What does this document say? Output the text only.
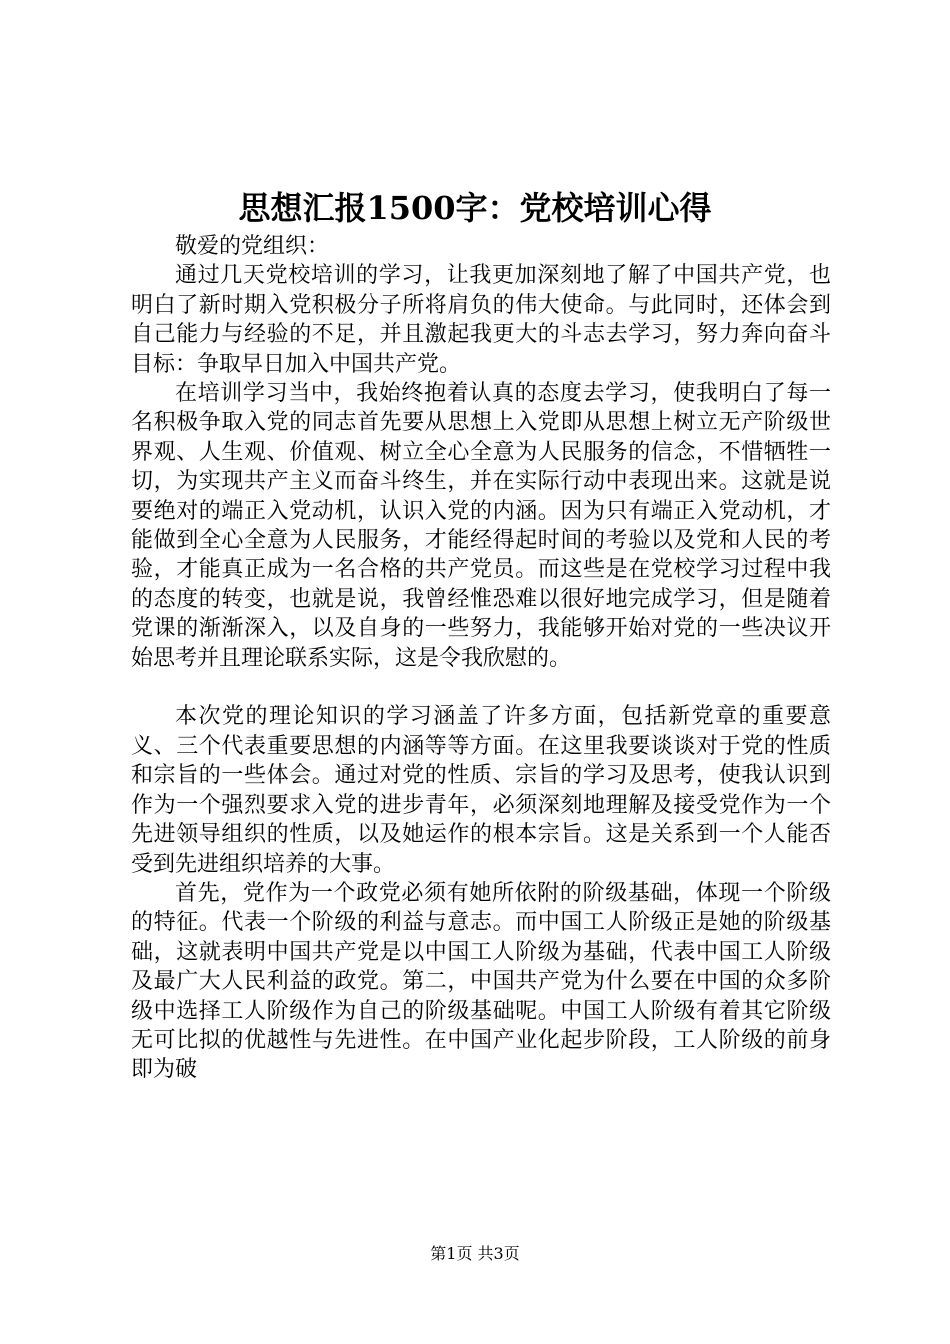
思想汇报1500字：党校培训心得

敬爱的党组织：

通过几天党校培训的学习，让我更加深刻地了解了中国共产党，也明白了新时期入党积极分子所将肩负的伟大使命。与此同时，还体会到自己能力与经验的不足，并且激起我更大的斗志去学习，努力奔向奋斗目标：争取早日加入中国共产党。

在培训学习当中，我始终抱着认真的态度去学习，使我明白了每一名积极争取入党的同志首先要从思想上入党即从思想上树立无产阶级世界观、人生观、价值观、树立全心全意为人民服务的信念，不惜牺牲一切，为实现共产主义而奋斗终生，并在实际行动中表现出来。这就是说要绝对的端正入党动机，认识入党的内涵。因为只有端正入党动机，才能做到全心全意为人民服务，才能经得起时间的考验以及党和人民的考验，才能真正成为一名合格的共产党员。而这些是在党校学习过程中我的态度的转变，也就是说，我曾经惟恐难以很好地完成学习，但是随着党课的渐渐深入，以及自身的一些努力，我能够开始对党的一些决议开始思考并且理论联系实际，这是令我欣慰的。

本次党的理论知识的学习涵盖了许多方面，包括新党章的重要意义、三个代表重要思想的内涵等等方面。在这里我要谈谈对于党的性质和宗旨的一些体会。通过对党的性质、宗旨的学习及思考，使我认识到作为一个强烈要求入党的进步青年，必须深刻地理解及接受党作为一个先进领导组织的性质，以及她运作的根本宗旨。这是关系到一个人能否受到先进组织培养的大事。

首先，党作为一个政党必须有她所依附的阶级基础，体现一个阶级的特征。代表一个阶级的利益与意志。而中国工人阶级正是她的阶级基础，这就表明中国共产党是以中国工人阶级为基础，代表中国工人阶级及最广大人民利益的政党。第二，中国共产党为什么要在中国的众多阶级中选择工人阶级作为自己的阶级基础呢。中国工人阶级有着其它阶级无可比拟的优越性与先进性。在中国产业化起步阶段，工人阶级的前身即为破

第1页 共3页
